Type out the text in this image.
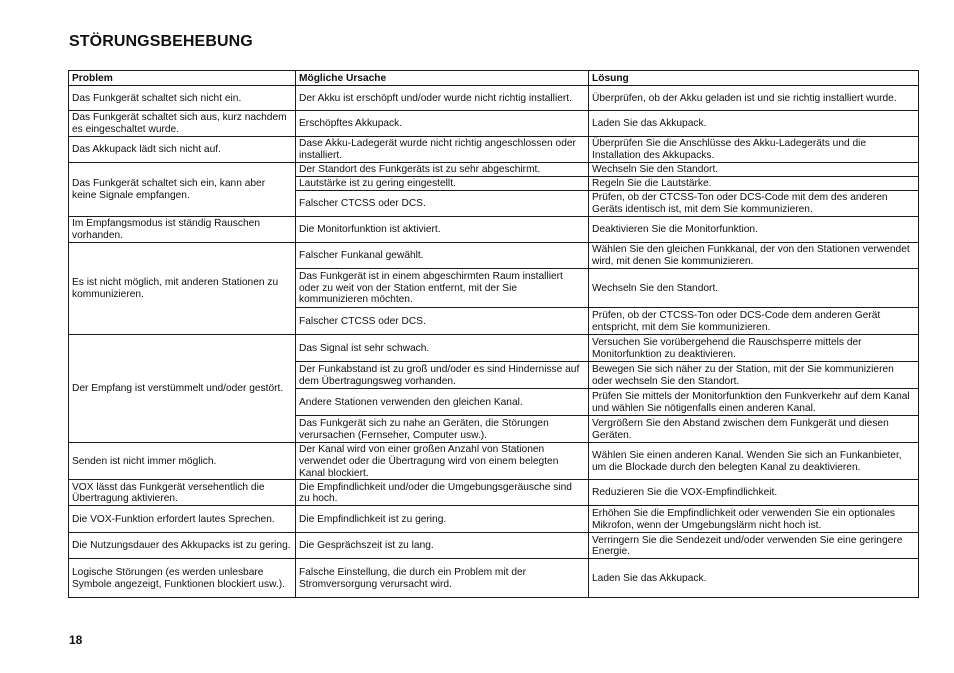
STÖRUNGSBEHEBUNG
Problem	Mögliche Ursache	Lösung
Das Funkgerät schaltet sich nicht ein.	Der Akku ist erschöpft und/oder wurde nicht richtig installiert.	Überprüfen, ob der Akku geladen ist und sie richtig installiert wurde.
Das Funkgerät schaltet sich aus, kurz nachdem es eingeschaltet wurde.	Erschöpftes Akkupack.	Laden Sie das Akkupack.
Das Akkupack lädt sich nicht auf.	Dase Akku-Ladegerät wurde nicht richtig angeschlossen oder installiert.	Überprüfen Sie die Anschlüsse des Akku-Ladegeräts und die Installation des Akkupacks.
Das Funkgerät schaltet sich ein, kann aber keine Signale empfangen.	Der Standort des Funkgeräts ist zu sehr abgeschirmt.	Wechseln Sie den Standort.
	Lautstärke ist zu gering eingestellt.	Regeln Sie die Lautstärke.
	Falscher CTCSS oder DCS.	Prüfen, ob der CTCSS-Ton oder DCS-Code mit dem des anderen Geräts identisch ist, mit dem Sie kommunizieren.
Im Empfangsmodus ist ständig Rauschen vorhanden.	Die Monitorfunktion ist aktiviert.	Deaktivieren Sie die Monitorfunktion.
Es ist nicht möglich, mit anderen Stationen zu kommunizieren.	Falscher Funkanal gewählt.	Wählen Sie den gleichen Funkkanal, der von den Stationen verwendet wird, mit denen Sie kommunizieren.
	Das Funkgerät ist in einem abgeschirmten Raum installiert oder zu weit von der Station entfernt, mit der Sie kommunizieren möchten.	Wechseln Sie den Standort.
	Falscher CTCSS oder DCS.	Prüfen, ob der CTCSS-Ton oder DCS-Code dem anderen Gerät entspricht, mit dem Sie kommunizieren.
Der Empfang ist verstümmelt und/oder gestört.	Das Signal ist sehr schwach.	Versuchen Sie vorübergehend die Rauschsperre mittels der Monitorfunktion zu deaktivieren.
	Der Funkabstand ist zu groß und/oder es sind Hindernisse auf dem Übertragungsweg vorhanden.	Bewegen Sie sich näher zu der Station, mit der Sie kommunizieren oder wechseln Sie den Standort.
	Andere Stationen verwenden den gleichen Kanal.	Prüfen Sie mittels der Monitorfunktion den Funkverkehr auf dem Kanal und wählen Sie nötigenfalls einen anderen Kanal.
	Das Funkgerät sich zu nahe an Geräten, die Störungen verursachen (Fernseher, Computer usw.).	Vergrößern Sie den Abstand zwischen dem Funkgerät und diesen Geräten.
Senden ist nicht immer möglich.	Der Kanal wird von einer großen Anzahl von Stationen verwendet oder die Übertragung wird von einem belegten Kanal blockiert.	Wählen Sie einen anderen Kanal. Wenden Sie sich an Funkanbieter, um die Blockade durch den belegten Kanal zu deaktivieren.
VOX lässt das Funkgerät versehentlich die Übertragung aktivieren.	Die Empfindlichkeit und/oder die Umgebungsgeräusche sind zu hoch.	Reduzieren Sie die VOX-Empfindlichkeit.
Die VOX-Funktion erfordert lautes Sprechen.	Die Empfindlichkeit ist zu gering.	Erhöhen Sie die Empfindlichkeit oder verwenden Sie ein optionales Mikrofon, wenn der Umgebungslärm nicht hoch ist.
Die Nutzungsdauer des Akkupacks ist zu gering.	Die Gesprächszeit ist zu lang.	Verringern Sie die Sendezeit und/oder verwenden Sie eine geringere Energie.
Logische Störungen (es werden unlesbare Symbole angezeigt, Funktionen blockiert usw.).	Falsche Einstellung, die durch ein Problem mit der Stromversorgung verursacht wird.	Laden Sie das Akkupack.
18
